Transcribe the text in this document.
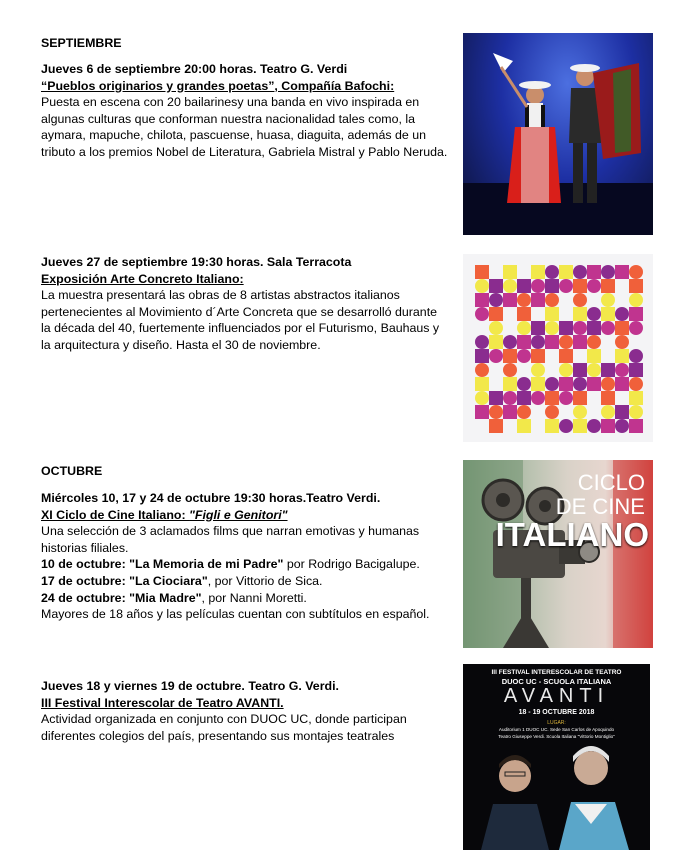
SEPTIEMBRE
Jueves 6 de septiembre 20:00 horas. Teatro G. Verdi
“Pueblos originarios y grandes poetas”, Compañía Bafochi:
Puesta en escena con 20 bailarinesy una banda en vivo inspirada en
algunas culturas que conforman nuestra nacionalidad tales como, la
aymara, mapuche, chilota, pascuense, huasa, diaguita, además de un
tributo a los premios Nobel de Literatura, Gabriela Mistral y Pablo Neruda.
Jueves 27 de septiembre 19:30 horas. Sala Terracota
Exposición Arte Concreto Italiano:
La muestra presentará las obras de 8 artistas abstractos italianos
pertenecientes al Movimiento d´Arte Concreta que se desarrolló durante
la década del 40, fuertemente influenciados por el Futurismo, Bauhaus y
la arquitectura y diseño. Hasta el 30 de noviembre.
OCTUBRE
Miércoles 10, 17 y 24 de octubre 19:30 horas.Teatro Verdi.
XI Ciclo de Cine Italiano: "Figli e Genitori"
Una selección de 3 aclamados films que narran emotivas y humanas
historias filiales.
10 de octubre: "La Memoria de mi Padre" por Rodrigo Bacigalupe.
17 de octubre: "La Ciociara", por Vittorio de Sica.
24 de octubre: "Mia Madre", por Nanni Moretti.
Mayores de 18 años y las películas cuentan con subtítulos en español.
CICLO
DE CINE
ITALIANO
Jueves 18 y viernes 19 de octubre. Teatro G. Verdi.
III Festival Interescolar de Teatro AVANTI.
Actividad organizada en conjunto con DUOC UC, donde participan
diferentes colegios del país, presentando sus montajes teatrales
III FESTIVAL INTERESCOLAR DE TEATRO
DUOC UC - SCUOLA ITALIANA
AVANTI
18 - 19 OCTUBRE 2018
LUGAR:
Auditorium 1 DUOC UC. Sede San Carlos de Apoquindo
Teatro Giuseppe Verdi. Scuola Italiana "Vittorio Montiglio"
